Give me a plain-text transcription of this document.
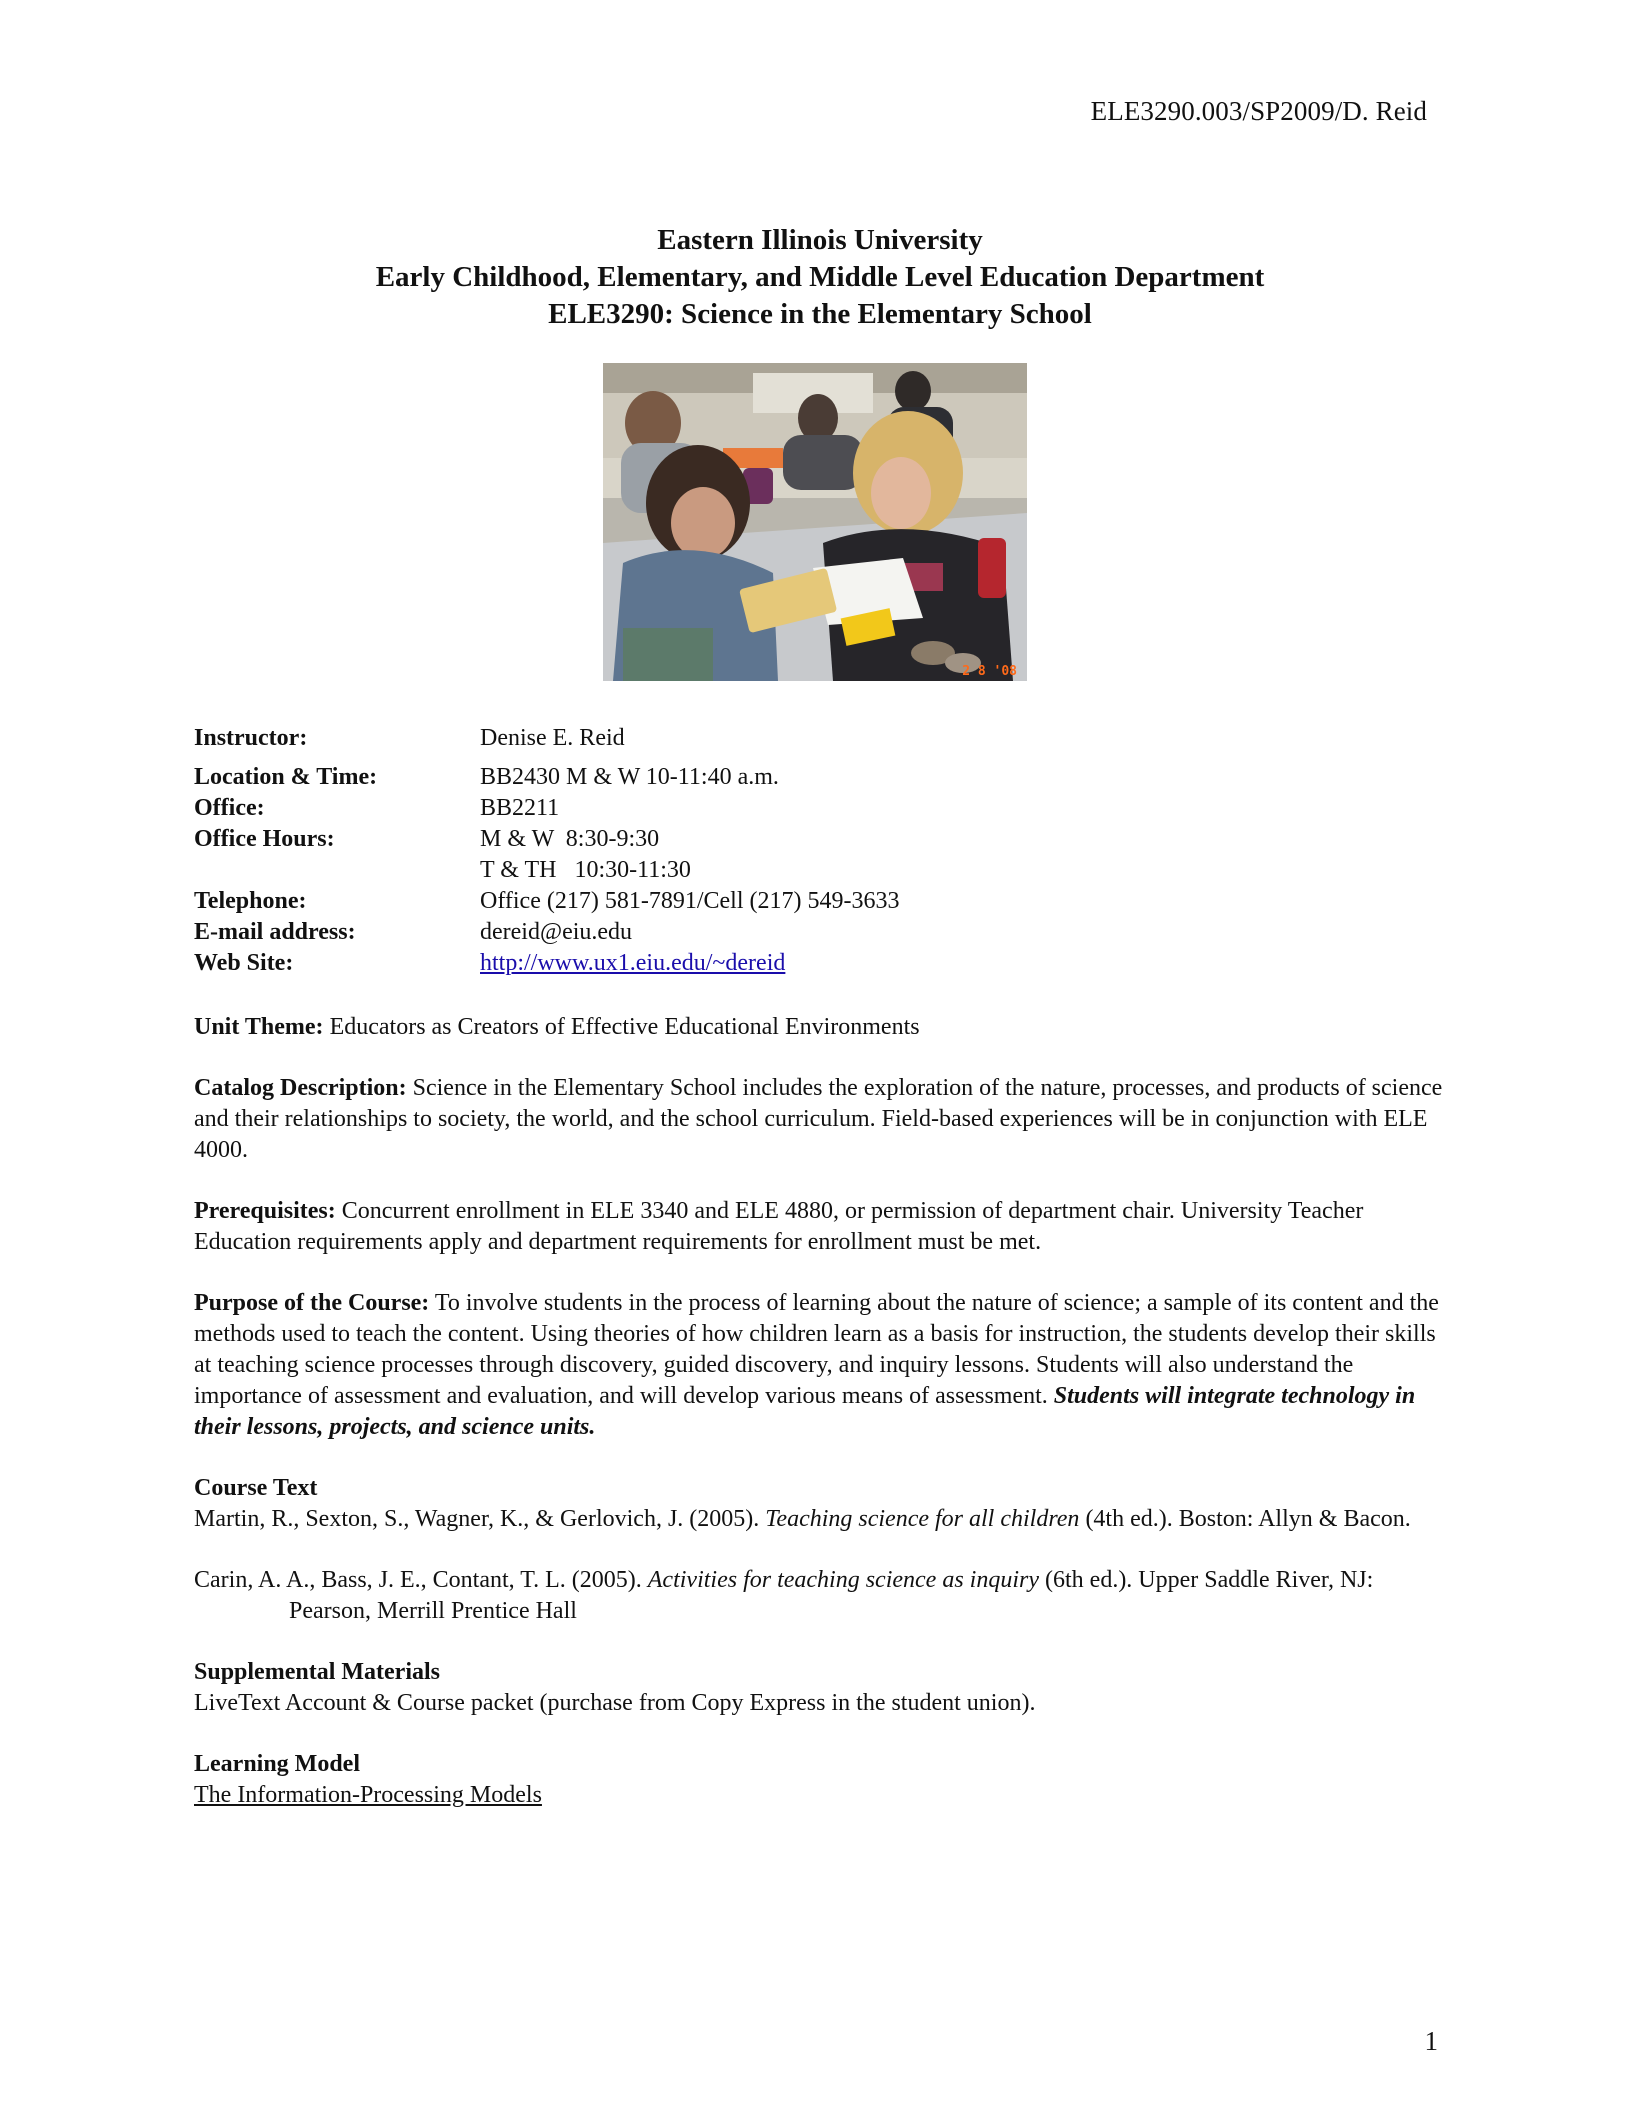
ELE3290.003/SP2009/D. Reid
Eastern Illinois University
Early Childhood, Elementary, and Middle Level Education Department
ELE3290: Science in the Elementary School
2 8 '08
Instructor:	Denise E. Reid
Location & Time:	BB2430 M & W 10-11:40 a.m.
Office:	BB2211
Office Hours:	M & W  8:30-9:30
T & TH   10:30-11:30
Telephone:	Office (217) 581-7891/Cell (217) 549-3633
E-mail address:	dereid@eiu.edu
Web Site:	http://www.ux1.eiu.edu/~dereid

Unit Theme: Educators as Creators of Effective Educational Environments

Catalog Description: Science in the Elementary School includes the exploration of the nature, processes, and products of science and their relationships to society, the world, and the school curriculum. Field-based experiences will be in conjunction with ELE 4000.

Prerequisites: Concurrent enrollment in ELE 3340 and ELE 4880, or permission of department chair. University Teacher Education requirements apply and department requirements for enrollment must be met.

Purpose of the Course: To involve students in the process of learning about the nature of science; a sample of its content and the methods used to teach the content. Using theories of how children learn as a basis for instruction, the students develop their skills at teaching science processes through discovery, guided discovery, and inquiry lessons. Students will also understand the importance of assessment and evaluation, and will develop various means of assessment. Students will integrate technology in their lessons, projects, and science units.

Course Text

Martin, R., Sexton, S., Wagner, K., & Gerlovich, J. (2005). Teaching science for all children (4th ed.). Boston: Allyn & Bacon.

Carin, A. A., Bass, J. E., Contant, T. L. (2005). Activities for teaching science as inquiry (6th ed.). Upper Saddle River, NJ: Pearson, Merrill Prentice Hall

Supplemental Materials

LiveText Account & Course packet (purchase from Copy Express in the student union).

Learning Model

The Information-Processing Models

1
